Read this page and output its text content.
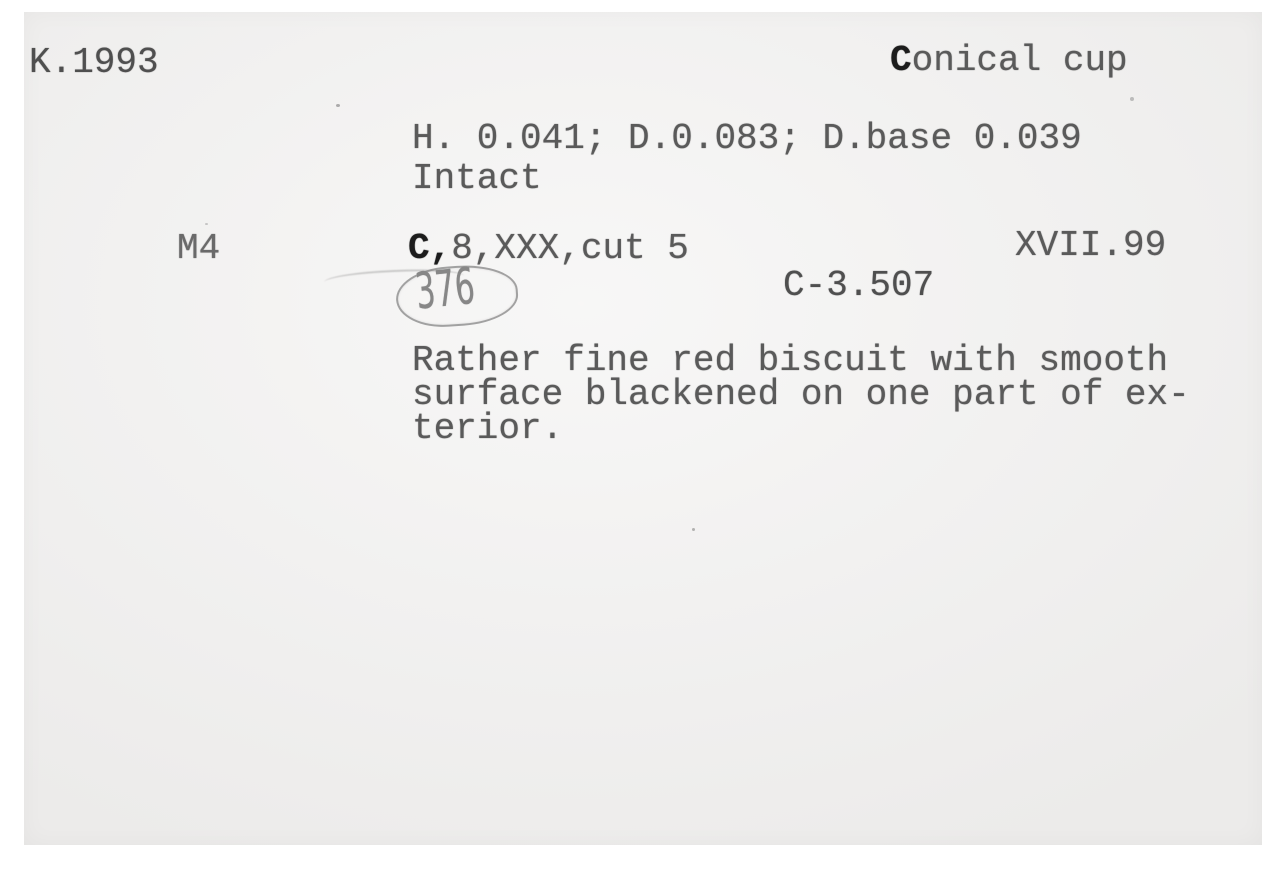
K.1993	Conical cup
H. 0.041; D.0.083; D.base 0.039
Intact
M4	C,8,XXX,cut 5	XVII.99
C-3.507
376
Rather fine red biscuit with smooth
surface blackened on one part of ex-
terior.
